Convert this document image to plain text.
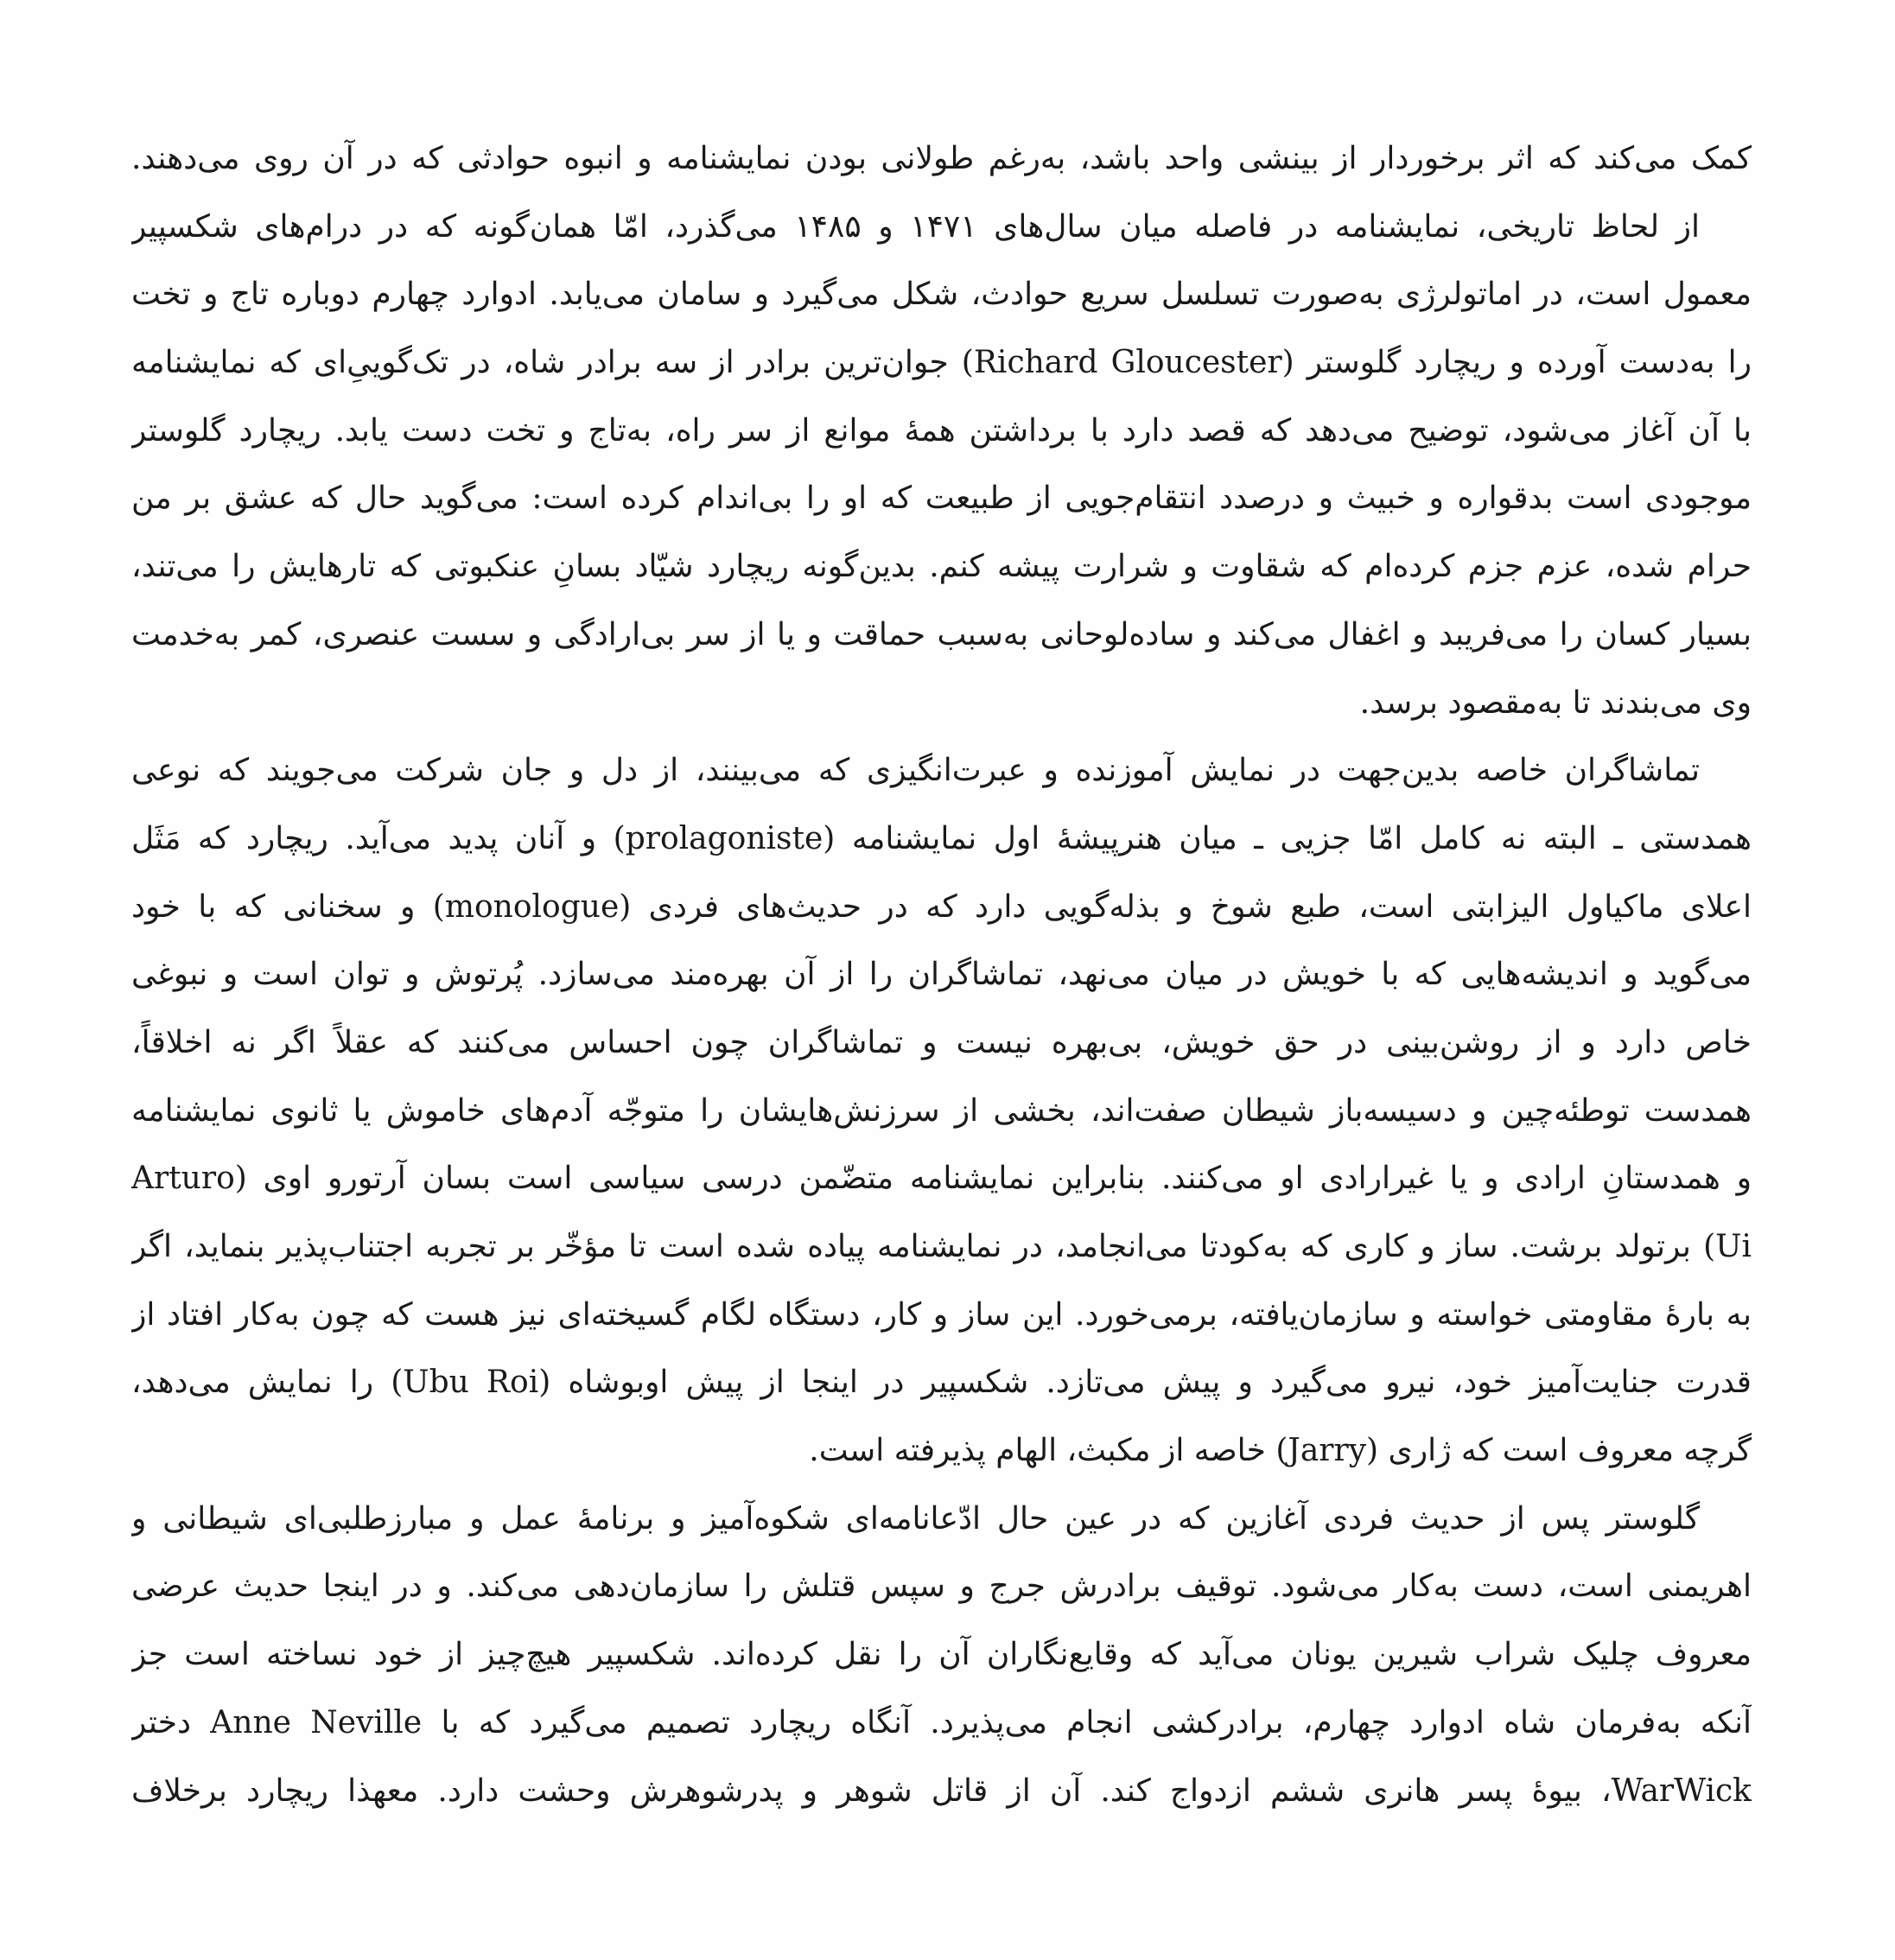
کمک می‌کند که اثر برخوردار از بینشی واحد باشد، به‌رغم طولانی بودن نمایشنامه و انبوه حوادثی که در آن روی می‌دهند.
از لحاظ تاریخی، نمایشنامه در فاصله میان سال‌های ۱۴۷۱ و ۱۴۸۵ می‌گذرد، امّا همان‌گونه که در درام‌های شکسپیر
معمول است، در اماتولرژی به‌صورت تسلسل سریع حوادث، شکل می‌گیرد و سامان می‌یابد. ادوارد چهارم دوباره تاج و تخت
را به‌دست آورده و ریچارد گلوستر (Richard Gloucester) جوان‌ترین برادر از سه برادر شاه، در تک‌گوییِ‌ای که نمایشنامه
با آن آغاز می‌شود، توضیح می‌دهد که قصد دارد با برداشتن همهٔ موانع از سر راه، به‌تاج و تخت دست یابد. ریچارد گلوستر
موجودی است بدقواره و خبیث و درصدد انتقام‌جویی از طبیعت که او را بی‌اندام کرده است: می‌گوید حال که عشق بر من
حرام شده، عزم جزم کرده‌ام که شقاوت و شرارت پیشه کنم. بدین‌گونه ریچارد شیّاد بسانِ عنکبوتی که تارهایش را می‌تند،
بسیار کسان را می‌فریبد و اغفال می‌کند و ساده‌لوحانی به‌سبب حماقت و یا از سر بی‌ارادگی و سست عنصری، کمر به‌خدمت
وی می‌بندند تا به‌مقصود برسد.
تماشاگران خاصه بدین‌جهت در نمایش آموزنده و عبرت‌انگیزی که می‌بینند، از دل و جان شرکت می‌جویند که نوعی
همدستی ـ البته نه کامل امّا جزیی ـ میان هنرپیشهٔ اول نمایشنامه (prolagoniste) و آنان پدید می‌آید. ریچارد که مَثَل
اعلای ماکیاول الیزابتی است، طبع شوخ و بذله‌گویی دارد که در حدیث‌های فردی (monologue) و سخنانی که با خود
می‌گوید و اندیشه‌هایی که با خویش در میان می‌نهد، تماشاگران را از آن بهره‌مند می‌سازد. پُرتوش و توان است و نبوغی
خاص دارد و از روشن‌بینی در حق خویش، بی‌بهره نیست و تماشاگران چون احساس می‌کنند که عقلاً اگر نه اخلاقاً،
همدست توطئه‌چین و دسیسه‌باز شیطان صفت‌اند، بخشی از سرزنش‌هایشان را متوجّه آدم‌های خاموش یا ثانوی نمایشنامه
و همدستانِ ارادی و یا غیرارادی او می‌کنند. بنابراین نمایشنامه متضّمن درسی سیاسی است بسان آرتورو اوی (Arturo
Ui) برتولد برشت. ساز و کاری که به‌کودتا می‌انجامد، در نمایشنامه پیاده شده است تا مؤخّر بر تجربه اجتناب‌پذیر بنماید، اگر
به بارهٔ مقاومتی خواسته و سازمان‌یافته، برمی‌خورد. این ساز و کار، دستگاه لگام گسیخته‌ای نیز هست که چون به‌کار افتاد از
قدرت جنایت‌آمیز خود، نیرو می‌گیرد و پیش می‌تازد. شکسپیر در اینجا از پیش اوبوشاه (Ubu Roi) را نمایش می‌دهد،
گرچه معروف است که ژاری (Jarry) خاصه از مکبث، الهام پذیرفته است.
گلوستر پس از حدیث فردی آغازین که در عین حال ادّعانامه‌ای شکوه‌آمیز و برنامهٔ عمل و مبارزطلبی‌ای شیطانی و
اهریمنی است، دست به‌کار می‌شود. توقیف برادرش جرج و سپس قتلش را سازمان‌دهی می‌کند. و در اینجا حدیث عرضی
معروف چلیک شراب شیرین یونان می‌آید که وقایع‌نگاران آن را نقل کرده‌اند. شکسپیر هیچ‌چیز از خود نساخته است جز
آنکه به‌فرمان شاه ادوارد چهارم، برادرکشی انجام می‌پذیرد. آنگاه ریچارد تصمیم می‌گیرد که با Anne Neville دختر
WarWick، بیوهٔ پسر هانری ششم ازدواج کند. آن از قاتل شوهر و پدرشوهرش وحشت دارد. معهذا ریچارد برخلاف
